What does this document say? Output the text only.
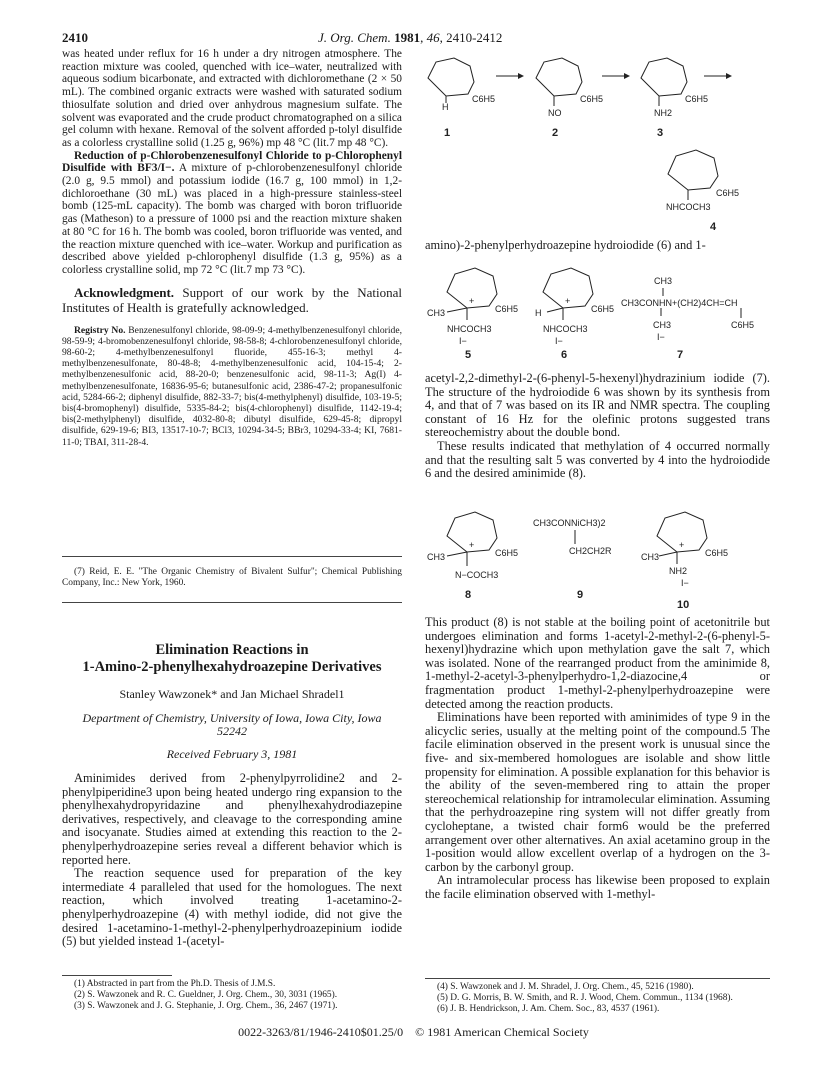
2410	J. Org. Chem. 1981, 46, 2410-2412

was heated under reflux for 16 h under a dry nitrogen atmosphere. The reaction mixture was cooled, quenched with ice–water, neutralized with aqueous sodium bicarbonate, and extracted with dichloromethane (2 × 50 mL). The combined organic extracts were washed with saturated sodium thiosulfate solution and dried over anhydrous magnesium sulfate. The solvent was evaporated and the crude product chromatographed on a silica gel column with hexane. Removal of the solvent afforded p-tolyl disulfide as a colorless crystalline solid (1.25 g, 96%) mp 48 °C (lit.7 mp 48 °C).

Reduction of p-Chlorobenzenesulfonyl Chloride to p-Chlorophenyl Disulfide with BF3/I−. A mixture of p-chlorobenzenesulfonyl chloride (2.0 g, 9.5 mmol) and potassium iodide (16.7 g, 100 mmol) in 1,2-dichloroethane (30 mL) was placed in a high-pressure stainless-steel bomb (125-mL capacity). The bomb was charged with boron trifluoride gas (Matheson) to a pressure of 1000 psi and the reaction mixture shaken at 80 °C for 16 h. The bomb was cooled, boron trifluoride was vented, and the reaction mixture quenched with ice–water. Workup and purification as described above yielded p-chlorophenyl disulfide (1.3 g, 95%) as a colorless crystalline solid, mp 72 °C (lit.7 mp 73 °C).

Acknowledgment. Support of our work by the National Institutes of Health is gratefully acknowledged.

Registry No. Benzenesulfonyl chloride, 98-09-9; 4-methylbenzenesulfonyl chloride, 98-59-9; 4-bromobenzenesulfonyl chloride, 98-58-8; 4-chlorobenzenesulfonyl chloride, 98-60-2; 4-methylbenzenesulfonyl fluoride, 455-16-3; methyl 4-methylbenzenesulfonate, 80-48-8; 4-methylbenzenesulfonic acid, 104-15-4; 2-methylbenzenesulfonic acid, 88-20-0; benzenesulfonic acid, 98-11-3; Ag(I) 4-methylbenzenesulfonate, 16836-95-6; butanesulfonic acid, 2386-47-2; propanesulfonic acid, 5284-66-2; diphenyl disulfide, 882-33-7; bis(4-methylphenyl) disulfide, 103-19-5; bis(4-bromophenyl) disulfide, 5335-84-2; bis(4-chlorophenyl) disulfide, 1142-19-4; bis(2-methylphenyl) disulfide, 4032-80-8; dibutyl disulfide, 629-45-8; dipropyl disulfide, 629-19-6; BI3, 13517-10-7; BCl3, 10294-34-5; BBr3, 10294-33-4; KI, 7681-11-0; TBAI, 311-28-4.

(7) Reid, E. E. "The Organic Chemistry of Bivalent Sulfur"; Chemical Publishing Company, Inc.: New York, 1960.

Elimination Reactions in
1-Amino-2-phenylhexahydroazepine Derivatives
Stanley Wawzonek* and Jan Michael Shradel1
Department of Chemistry, University of Iowa, Iowa City, Iowa 52242
Received February 3, 1981

Aminimides derived from 2-phenylpyrrolidine2 and 2-phenylpiperidine3 upon being heated undergo ring expansion to the phenylhexahydropyridazine and phenylhexahydrodiazepine derivatives, respectively, and cleavage to the corresponding amine and isocyanate. Studies aimed at extending this reaction to the 2-phenylperhydroazepine series reveal a different behavior which is reported here.

The reaction sequence used for preparation of the key intermediate 4 paralleled that used for the homologues. The next reaction, which involved treating 1-acetamino-2-phenylperhydroazepine (4) with methyl iodide, did not give the desired 1-acetamino-1-methyl-2-phenylperhydroazepinium iodide (5) but yielded instead 1-(acetyl-

(1) Abstracted in part from the Ph.D. Thesis of J.M.S.

(2) S. Wawzonek and R. C. Gueldner, J. Org. Chem., 30, 3031 (1965).

(3) S. Wawzonek and J. G. Stephanie, J. Org. Chem., 36, 2467 (1971).

H
C6H5
NO
C6H5
NH2
C6H5
1	2	3
C6H5
NHCOCH3
4

amino)-2-phenylperhydroazepine hydroiodide (6) and 1-

+
C6H5
CH3
NHCOCH3
I−
+
C6H5
H
NHCOCH3
I−
CH3
CH3CONHN+(CH2)4CH=CH
CH3
I−
C6H5
5	6	7

acetyl-2,2-dimethyl-2-(6-phenyl-5-hexenyl)hydrazinium iodide (7). The structure of the hydroiodide 6 was shown by its synthesis from 4, and that of 7 was based on its IR and NMR spectra. The coupling constant of 16 Hz for the olefinic protons suggested trans stereochemistry about the double bond.

These results indicated that methylation of 4 occurred normally and that the resulting salt 5 was converted by 4 into the hydroiodide 6 and the desired aminimide (8).

+
C6H5
CH3
N−COCH3
CH3CONNiCH3)2
CH2CH2R
+
C6H5
CH3
NH2
I−
8	9
10

This product (8) is not stable at the boiling point of acetonitrile but undergoes elimination and forms 1-acetyl-2-methyl-2-(6-phenyl-5-hexenyl)hydrazine which upon methylation gave the salt 7, which was isolated. None of the rearranged product from the aminimide 8, 1-methyl-2-acetyl-3-phenylperhydro-1,2-diazocine,4 or fragmentation product 1-methyl-2-phenylperhydroazepine were detected among the reaction products.

Eliminations have been reported with aminimides of type 9 in the alicyclic series, usually at the melting point of the compound.5 The facile elimination observed in the present work is unusual since the five- and six-membered homologues are isolable and show little propensity for elimination. A possible explanation for this behavior is the ability of the seven-membered ring to attain the proper stereochemical relationship for intramolecular elimination. Assuming that the perhydroazepine ring system will not differ greatly from cycloheptane, a twisted chair form6 would be the preferred arrangement over other alternatives. An axial acetamino group in the 1-position would allow excellent overlap of a hydrogen on the 3-carbon by the carbonyl group.

An intramolecular process has likewise been proposed to explain the facile elimination observed with 1-methyl-

(4) S. Wawzonek and J. M. Shradel, J. Org. Chem., 45, 5216 (1980).

(5) D. G. Morris, B. W. Smith, and R. J. Wood, Chem. Commun., 1134 (1968).

(6) J. B. Hendrickson, J. Am. Chem. Soc., 83, 4537 (1961).

0022-3263/81/1946-2410$01.25/0 © 1981 American Chemical Society
